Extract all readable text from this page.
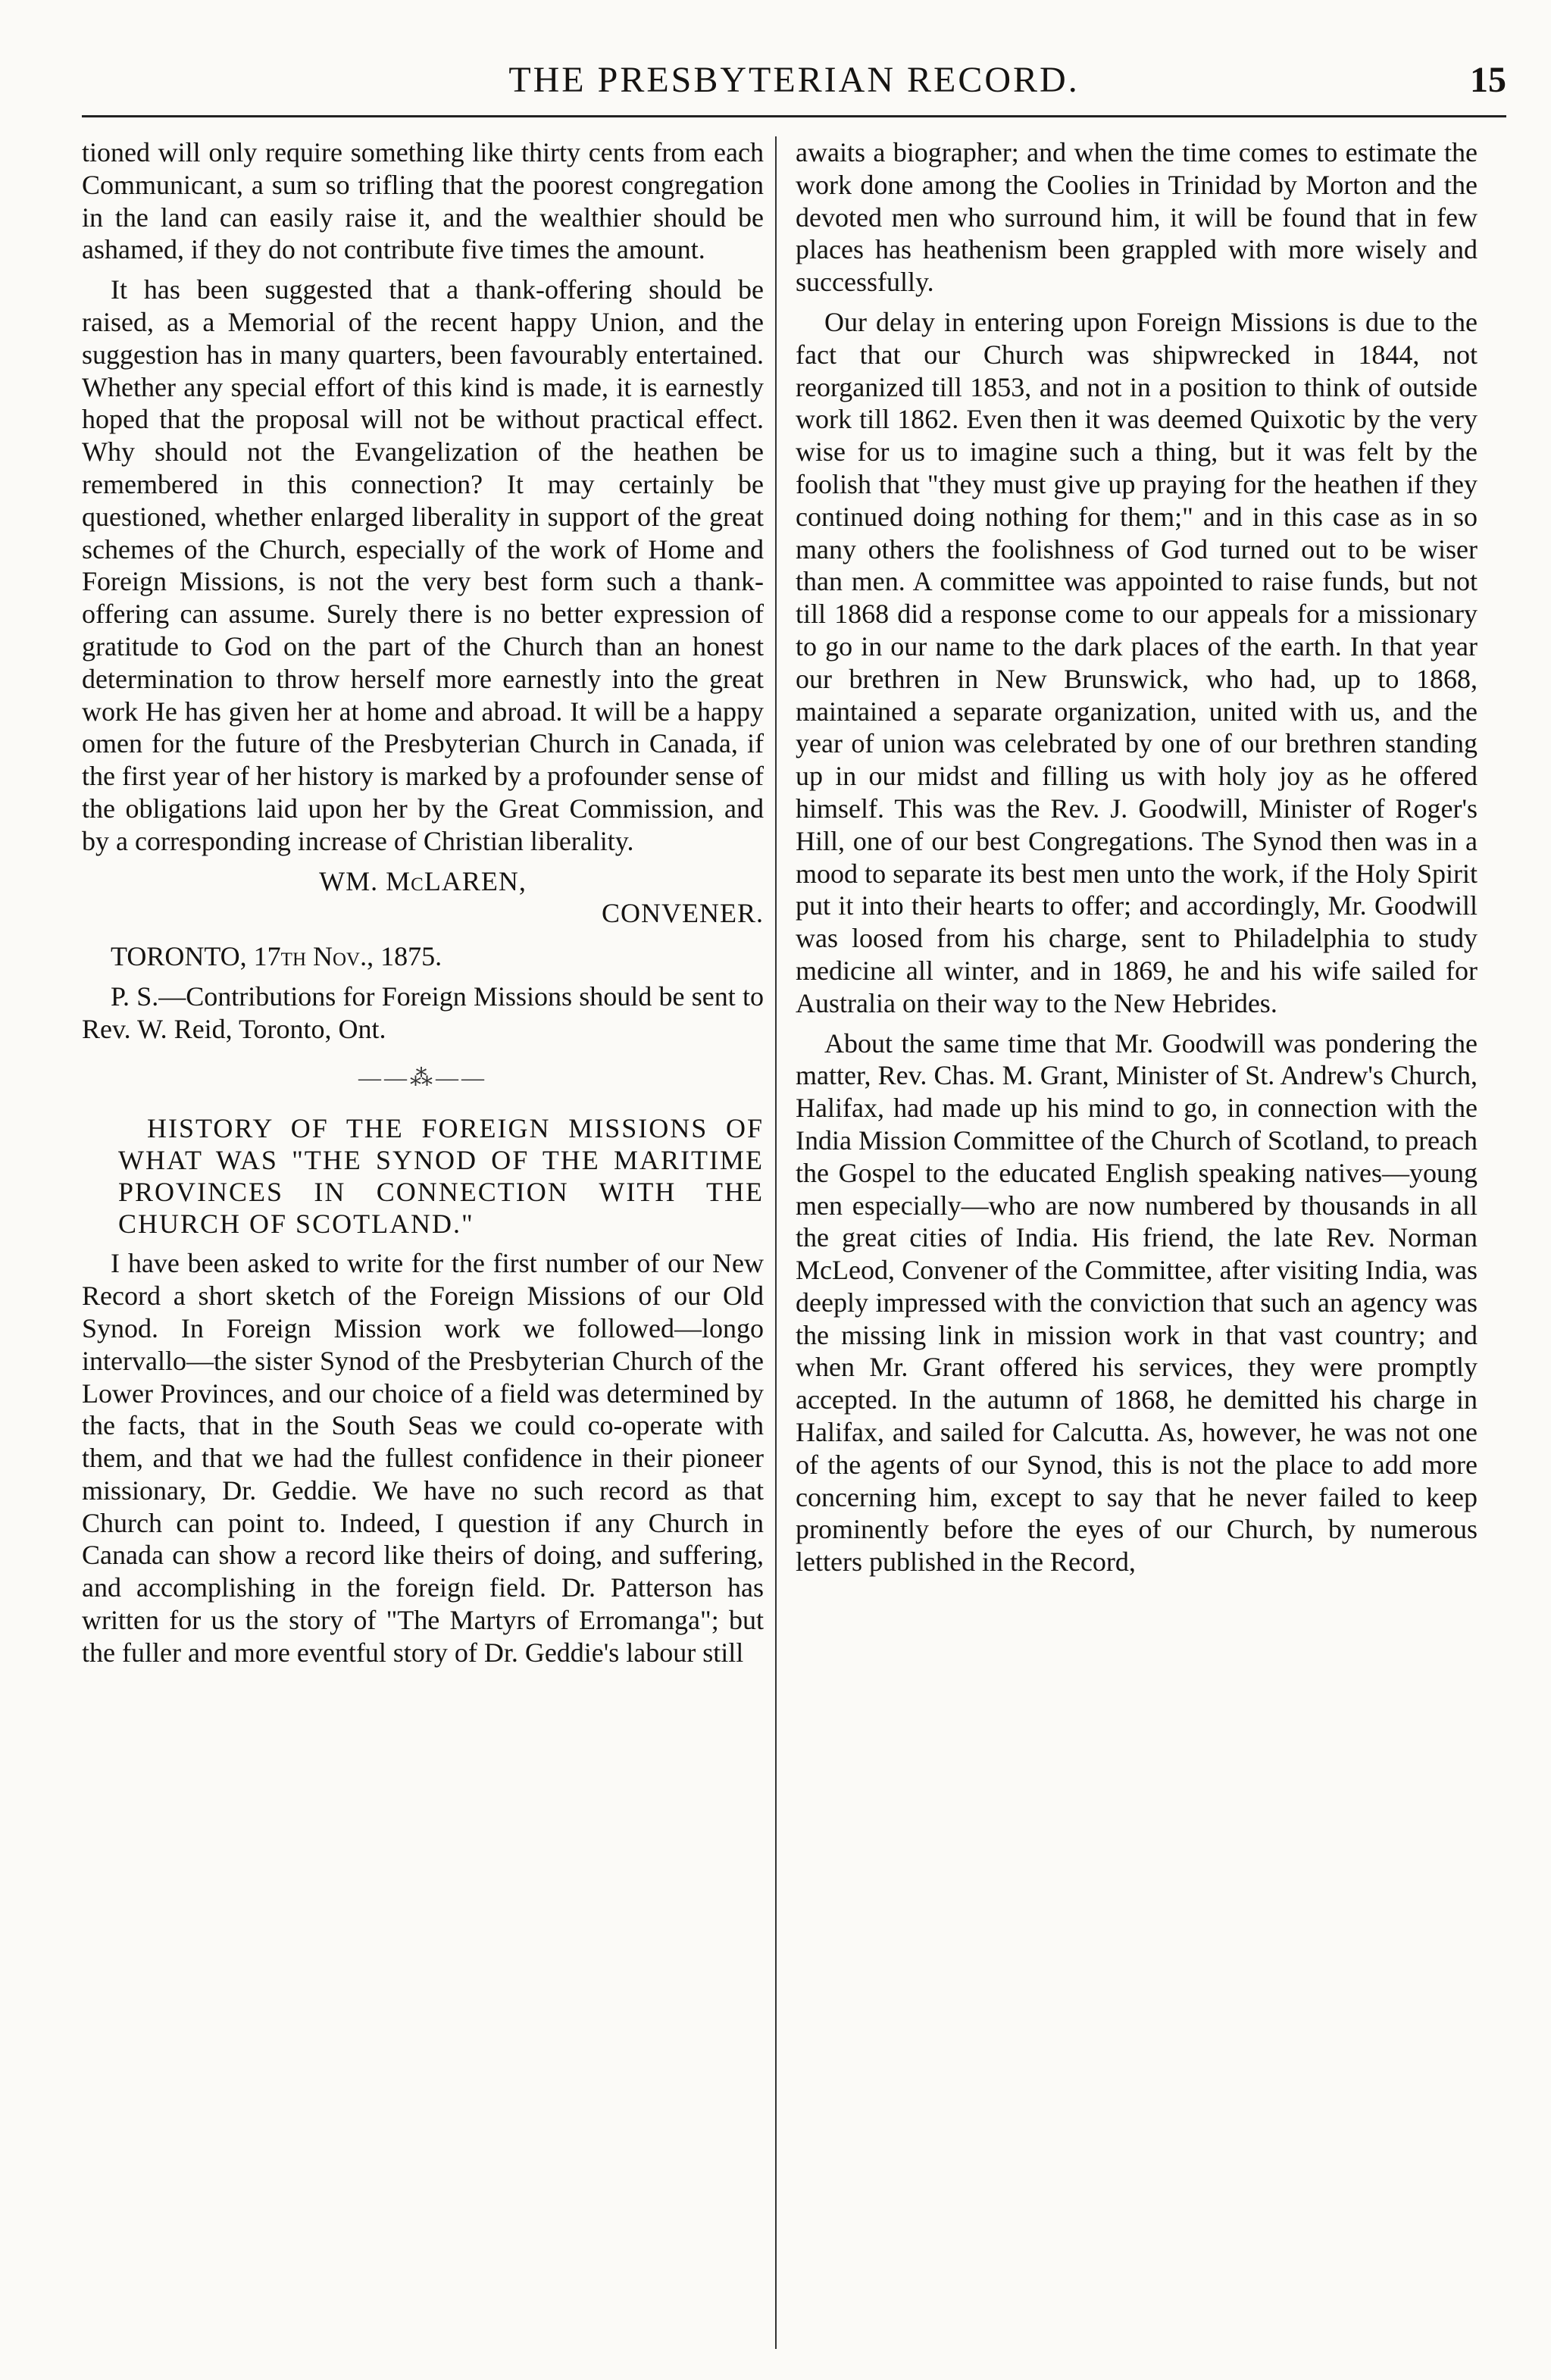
THE PRESBYTERIAN RECORD.	15

tioned will only require something like thirty cents from each Communicant, a sum so trifling that the poorest congregation in the land can easily raise it, and the wealthier should be ashamed, if they do not contribute five times the amount.

It has been suggested that a thank-offering should be raised, as a Memorial of the recent happy Union, and the suggestion has in many quarters, been favourably entertained. Whether any special effort of this kind is made, it is earnestly hoped that the proposal will not be without practical effect. Why should not the Evangelization of the heathen be remembered in this connection? It may certainly be questioned, whether enlarged liberality in support of the great schemes of the Church, especially of the work of Home and Foreign Missions, is not the very best form such a thank-offering can assume. Surely there is no better expression of gratitude to God on the part of the Church than an honest determination to throw herself more earnestly into the great work He has given her at home and abroad. It will be a happy omen for the future of the Presbyterian Church in Canada, if the first year of her history is marked by a profounder sense of the obligations laid upon her by the Great Commission, and by a corresponding increase of Christian liberality.

WM. McLAREN,
CONVENER.

TORONTO, 17th Nov., 1875.

P. S.—Contributions for Foreign Missions should be sent to Rev. W. Reid, Toronto, Ont.

——⁂——

HISTORY OF THE FOREIGN MISSIONS OF WHAT WAS "THE SYNOD OF THE MARITIME PROVINCES IN CONNECTION WITH THE CHURCH OF SCOTLAND."

I have been asked to write for the first number of our New Record a short sketch of the Foreign Missions of our Old Synod. In Foreign Mission work we followed—longo intervallo—the sister Synod of the Presbyterian Church of the Lower Provinces, and our choice of a field was determined by the facts, that in the South Seas we could co-operate with them, and that we had the fullest confidence in their pioneer missionary, Dr. Geddie. We have no such record as that Church can point to. Indeed, I question if any Church in Canada can show a record like theirs of doing, and suffering, and accomplishing in the foreign field. Dr. Patterson has written for us the story of "The Martyrs of Erromanga"; but the fuller and more eventful story of Dr. Geddie's labour still

awaits a biographer; and when the time comes to estimate the work done among the Coolies in Trinidad by Morton and the devoted men who surround him, it will be found that in few places has heathenism been grappled with more wisely and successfully.

Our delay in entering upon Foreign Missions is due to the fact that our Church was shipwrecked in 1844, not reorganized till 1853, and not in a position to think of outside work till 1862. Even then it was deemed Quixotic by the very wise for us to imagine such a thing, but it was felt by the foolish that "they must give up praying for the heathen if they continued doing nothing for them;" and in this case as in so many others the foolishness of God turned out to be wiser than men. A committee was appointed to raise funds, but not till 1868 did a response come to our appeals for a missionary to go in our name to the dark places of the earth. In that year our brethren in New Brunswick, who had, up to 1868, maintained a separate organization, united with us, and the year of union was celebrated by one of our brethren standing up in our midst and filling us with holy joy as he offered himself. This was the Rev. J. Goodwill, Minister of Roger's Hill, one of our best Congregations. The Synod then was in a mood to separate its best men unto the work, if the Holy Spirit put it into their hearts to offer; and accordingly, Mr. Goodwill was loosed from his charge, sent to Philadelphia to study medicine all winter, and in 1869, he and his wife sailed for Australia on their way to the New Hebrides.

About the same time that Mr. Goodwill was pondering the matter, Rev. Chas. M. Grant, Minister of St. Andrew's Church, Halifax, had made up his mind to go, in connection with the India Mission Committee of the Church of Scotland, to preach the Gospel to the educated English speaking natives—young men especially—who are now numbered by thousands in all the great cities of India. His friend, the late Rev. Norman McLeod, Convener of the Committee, after visiting India, was deeply impressed with the conviction that such an agency was the missing link in mission work in that vast country; and when Mr. Grant offered his services, they were promptly accepted. In the autumn of 1868, he demitted his charge in Halifax, and sailed for Calcutta. As, however, he was not one of the agents of our Synod, this is not the place to add more concerning him, except to say that he never failed to keep prominently before the eyes of our Church, by numerous letters published in the Record,
